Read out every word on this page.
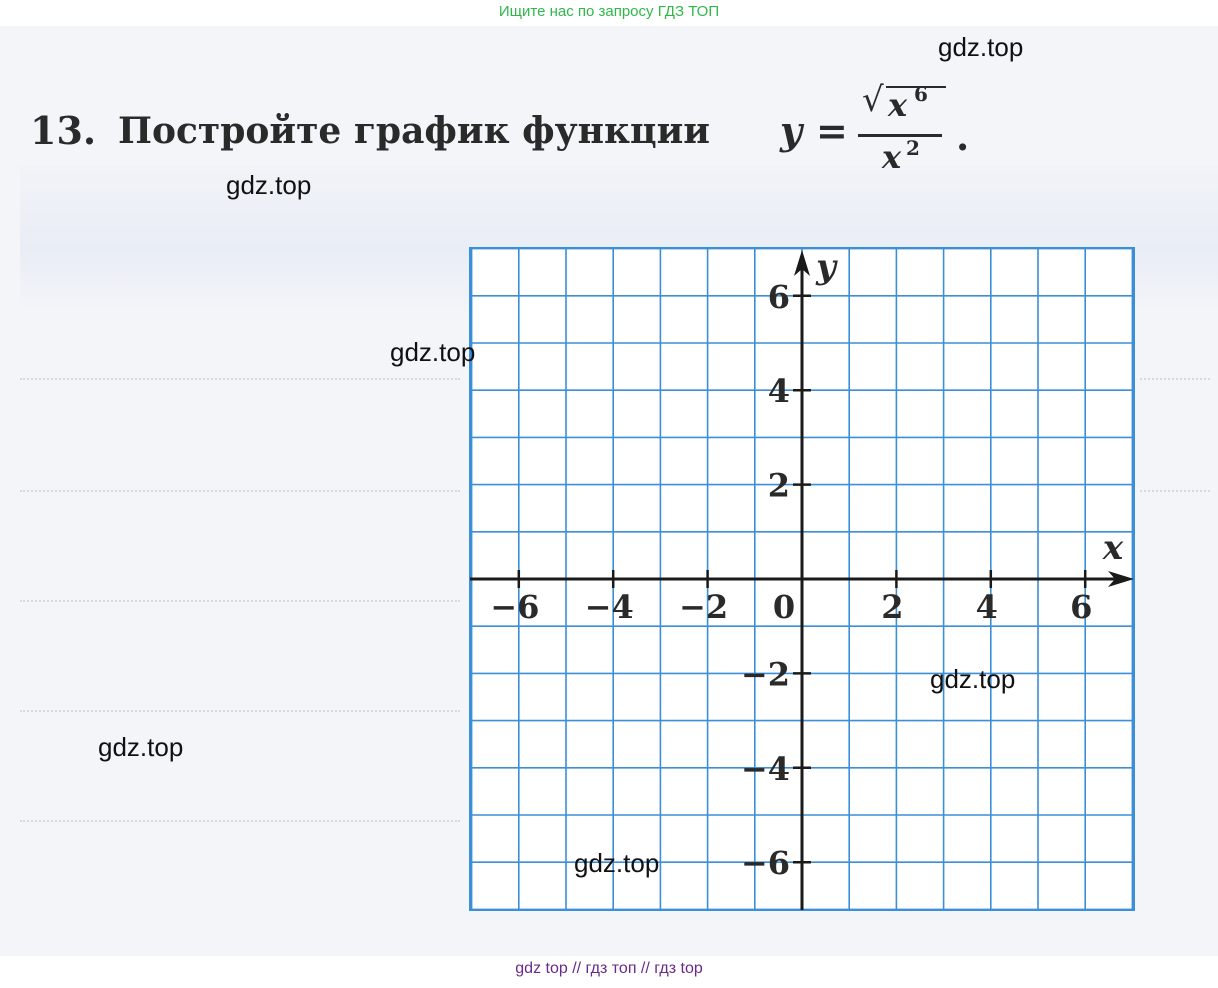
Ищите нас по запросу ГДЗ ТОП
13. Постройте график функции y =
√ x 6
x 2 .
−6 −4 −2 0	2 4 6
6
4
2
−2
−4
−6
x
y
gdz.top
gdz.top
gdz.top
gdz.top
gdz.top
gdz.top
gdz top // гдз топ // гдз top
